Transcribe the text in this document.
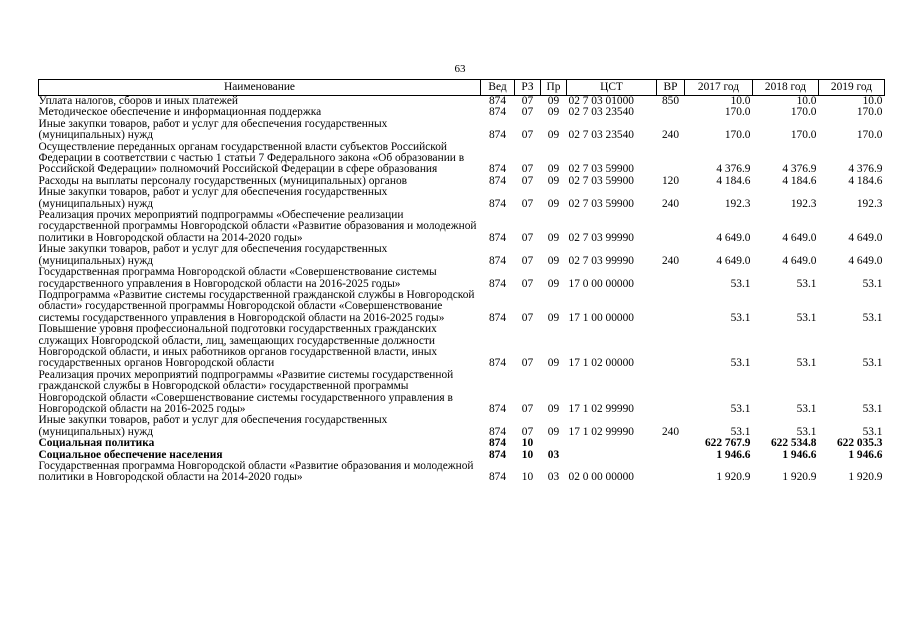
63
Наименование	Вед	РЗ	Пр	ЦСТ	ВР	2017 год	2018 год	2019 год
Уплата налогов, сборов и иных платежей	874	07	09	02 7 03 01000	850	10.0	10.0	10.0
Методическое обеспечение и информационная поддержка	874	07	09	02 7 03 23540		170.0	170.0	170.0
Иные закупки товаров, работ и услуг для обеспечения государственных (муниципальных) нужд	874	07	09	02 7 03 23540	240	170.0	170.0	170.0
Осуществление переданных органам государственной власти субъектов Российской Федерации в соответствии с частью 1 статьи 7 Федерального закона «Об образовании в Российской Федерации» полномочий Российской Федерации в сфере образования	874	07	09	02 7 03 59900		4 376.9	4 376.9	4 376.9
Расходы на выплаты персоналу государственных (муниципальных) органов	874	07	09	02 7 03 59900	120	4 184.6	4 184.6	4 184.6
Иные закупки товаров, работ и услуг для обеспечения государственных (муниципальных) нужд	874	07	09	02 7 03 59900	240	192.3	192.3	192.3
Реализация прочих мероприятий подпрограммы «Обеспечение реализации государственной программы Новгородской области «Развитие образования и молодежной политики в Новгородской области на 2014-2020 годы»	874	07	09	02 7 03 99990		4 649.0	4 649.0	4 649.0
Иные закупки товаров, работ и услуг для обеспечения государственных (муниципальных) нужд	874	07	09	02 7 03 99990	240	4 649.0	4 649.0	4 649.0
Государственная программа Новгородской области «Совершенствование системы государственного управления в Новгородской области на 2016-2025 годы»	874	07	09	17 0 00 00000		53.1	53.1	53.1
Подпрограмма «Развитие системы государственной гражданской службы в Новгородской области» государственной программы Новгородской области «Совершенствование системы государственного управления в Новгородской области на 2016-2025 годы»	874	07	09	17 1 00 00000		53.1	53.1	53.1
Повышение уровня профессиональной подготовки государственных гражданских служащих Новгородской области, лиц, замещающих государственные должности Новгородской области, и иных работников органов государственной власти, иных государственных органов Новгородской области	874	07	09	17 1 02 00000		53.1	53.1	53.1
Реализация прочих мероприятий подпрограммы «Развитие системы государственной гражданской службы в Новгородской области» государственной программы Новгородской области «Совершенствование системы государственного управления в Новгородской области на 2016-2025 годы»	874	07	09	17 1 02 99990		53.1	53.1	53.1
Иные закупки товаров, работ и услуг для обеспечения государственных (муниципальных) нужд	874	07	09	17 1 02 99990	240	53.1	53.1	53.1
Социальная политика	874	10				622 767.9	622 534.8	622 035.3
Социальное обеспечение населения	874	10	03			1 946.6	1 946.6	1 946.6
Государственная программа Новгородской области «Развитие образования и молодежной политики в Новгородской области на 2014-2020 годы»	874	10	03	02 0 00 00000		1 920.9	1 920.9	1 920.9
